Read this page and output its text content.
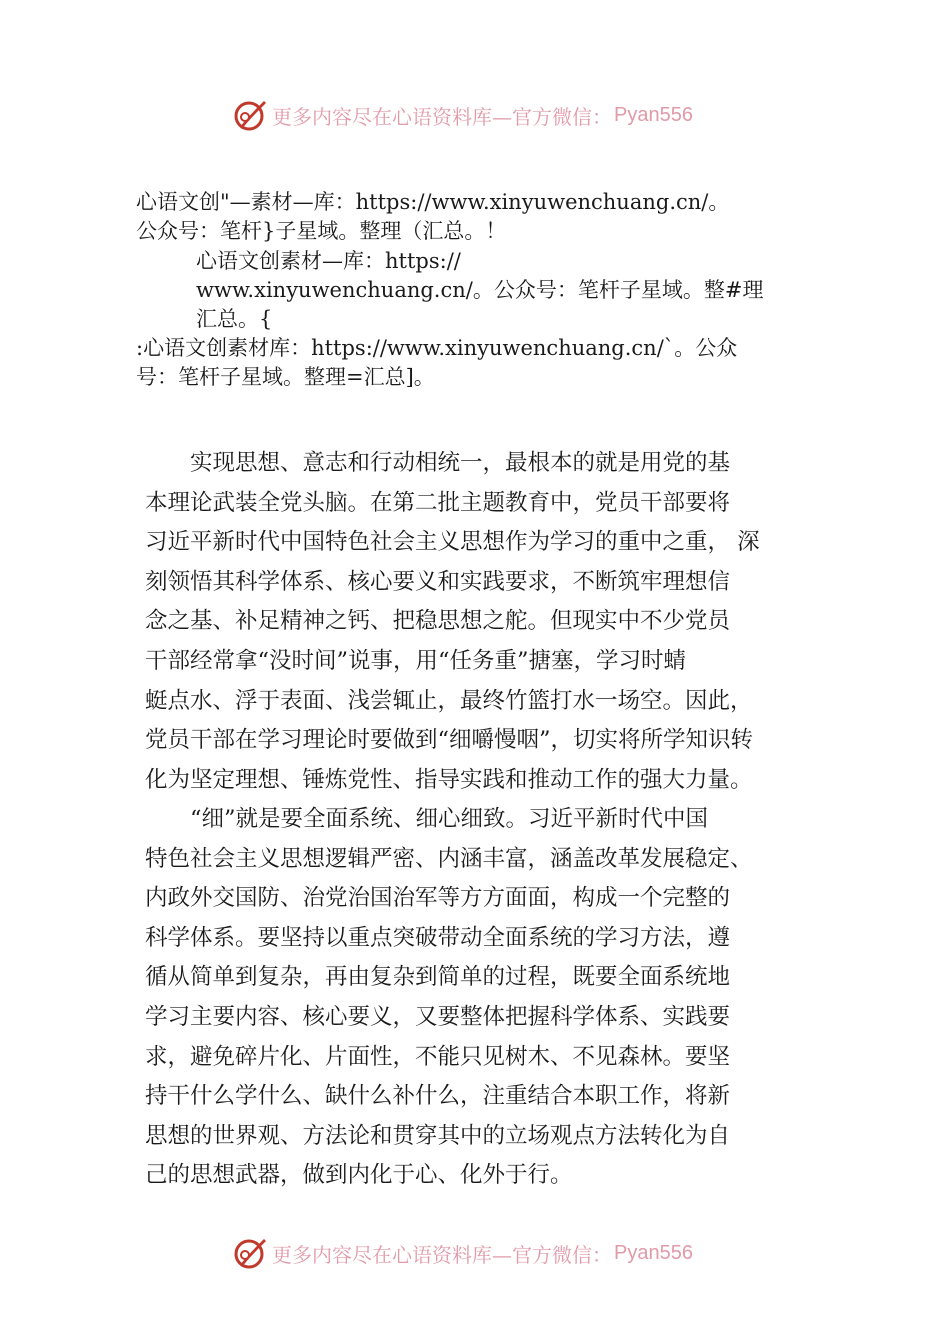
更多内容尽在心语资料库—官方微信： Pyan556
心语文创"—素材—库：https://www.xinyuwenchuang.cn/。
公众号：笔杆}子星域。整理（汇总。！
心语文创素材—库：https://
www.xinyuwenchuang.cn/。公众号：笔杆子星域。整#理
汇总。{
:心语文创素材库：https://www.xinyuwenchuang.cn/`。公众
号：笔杆子星域。整理=汇总]。
　　实现思想、意志和行动相统一，最根本的就是用党的基
本理论武装全党头脑。在第二批主题教育中，党员干部要将
习近平新时代中国特色社会主义思想作为学习的重中之重， 深
刻领悟其科学体系、核心要义和实践要求，不断筑牢理想信
念之基、补足精神之钙、把稳思想之舵。但现实中不少党员
干部经常拿“没时间”说事，用“任务重”搪塞，学习时蜻
蜓点水、浮于表面、浅尝辄止，最终竹篮打水一场空。因此，
党员干部在学习理论时要做到“细嚼慢咽”，切实将所学知识转
化为坚定理想、锤炼党性、指导实践和推动工作的强大力量。
　　“细”就是要全面系统、细心细致。习近平新时代中国
特色社会主义思想逻辑严密、内涵丰富，涵盖改革发展稳定、
内政外交国防、治党治国治军等方方面面，构成一个完整的
科学体系。要坚持以重点突破带动全面系统的学习方法，遵
循从简单到复杂，再由复杂到简单的过程，既要全面系统地
学习主要内容、核心要义，又要整体把握科学体系、实践要
求，避免碎片化、片面性，不能只见树木、不见森林。要坚
持干什么学什么、缺什么补什么，注重结合本职工作，将新
思想的世界观、方法论和贯穿其中的立场观点方法转化为自
己的思想武器，做到内化于心、化外于行。
更多内容尽在心语资料库—官方微信： Pyan556
